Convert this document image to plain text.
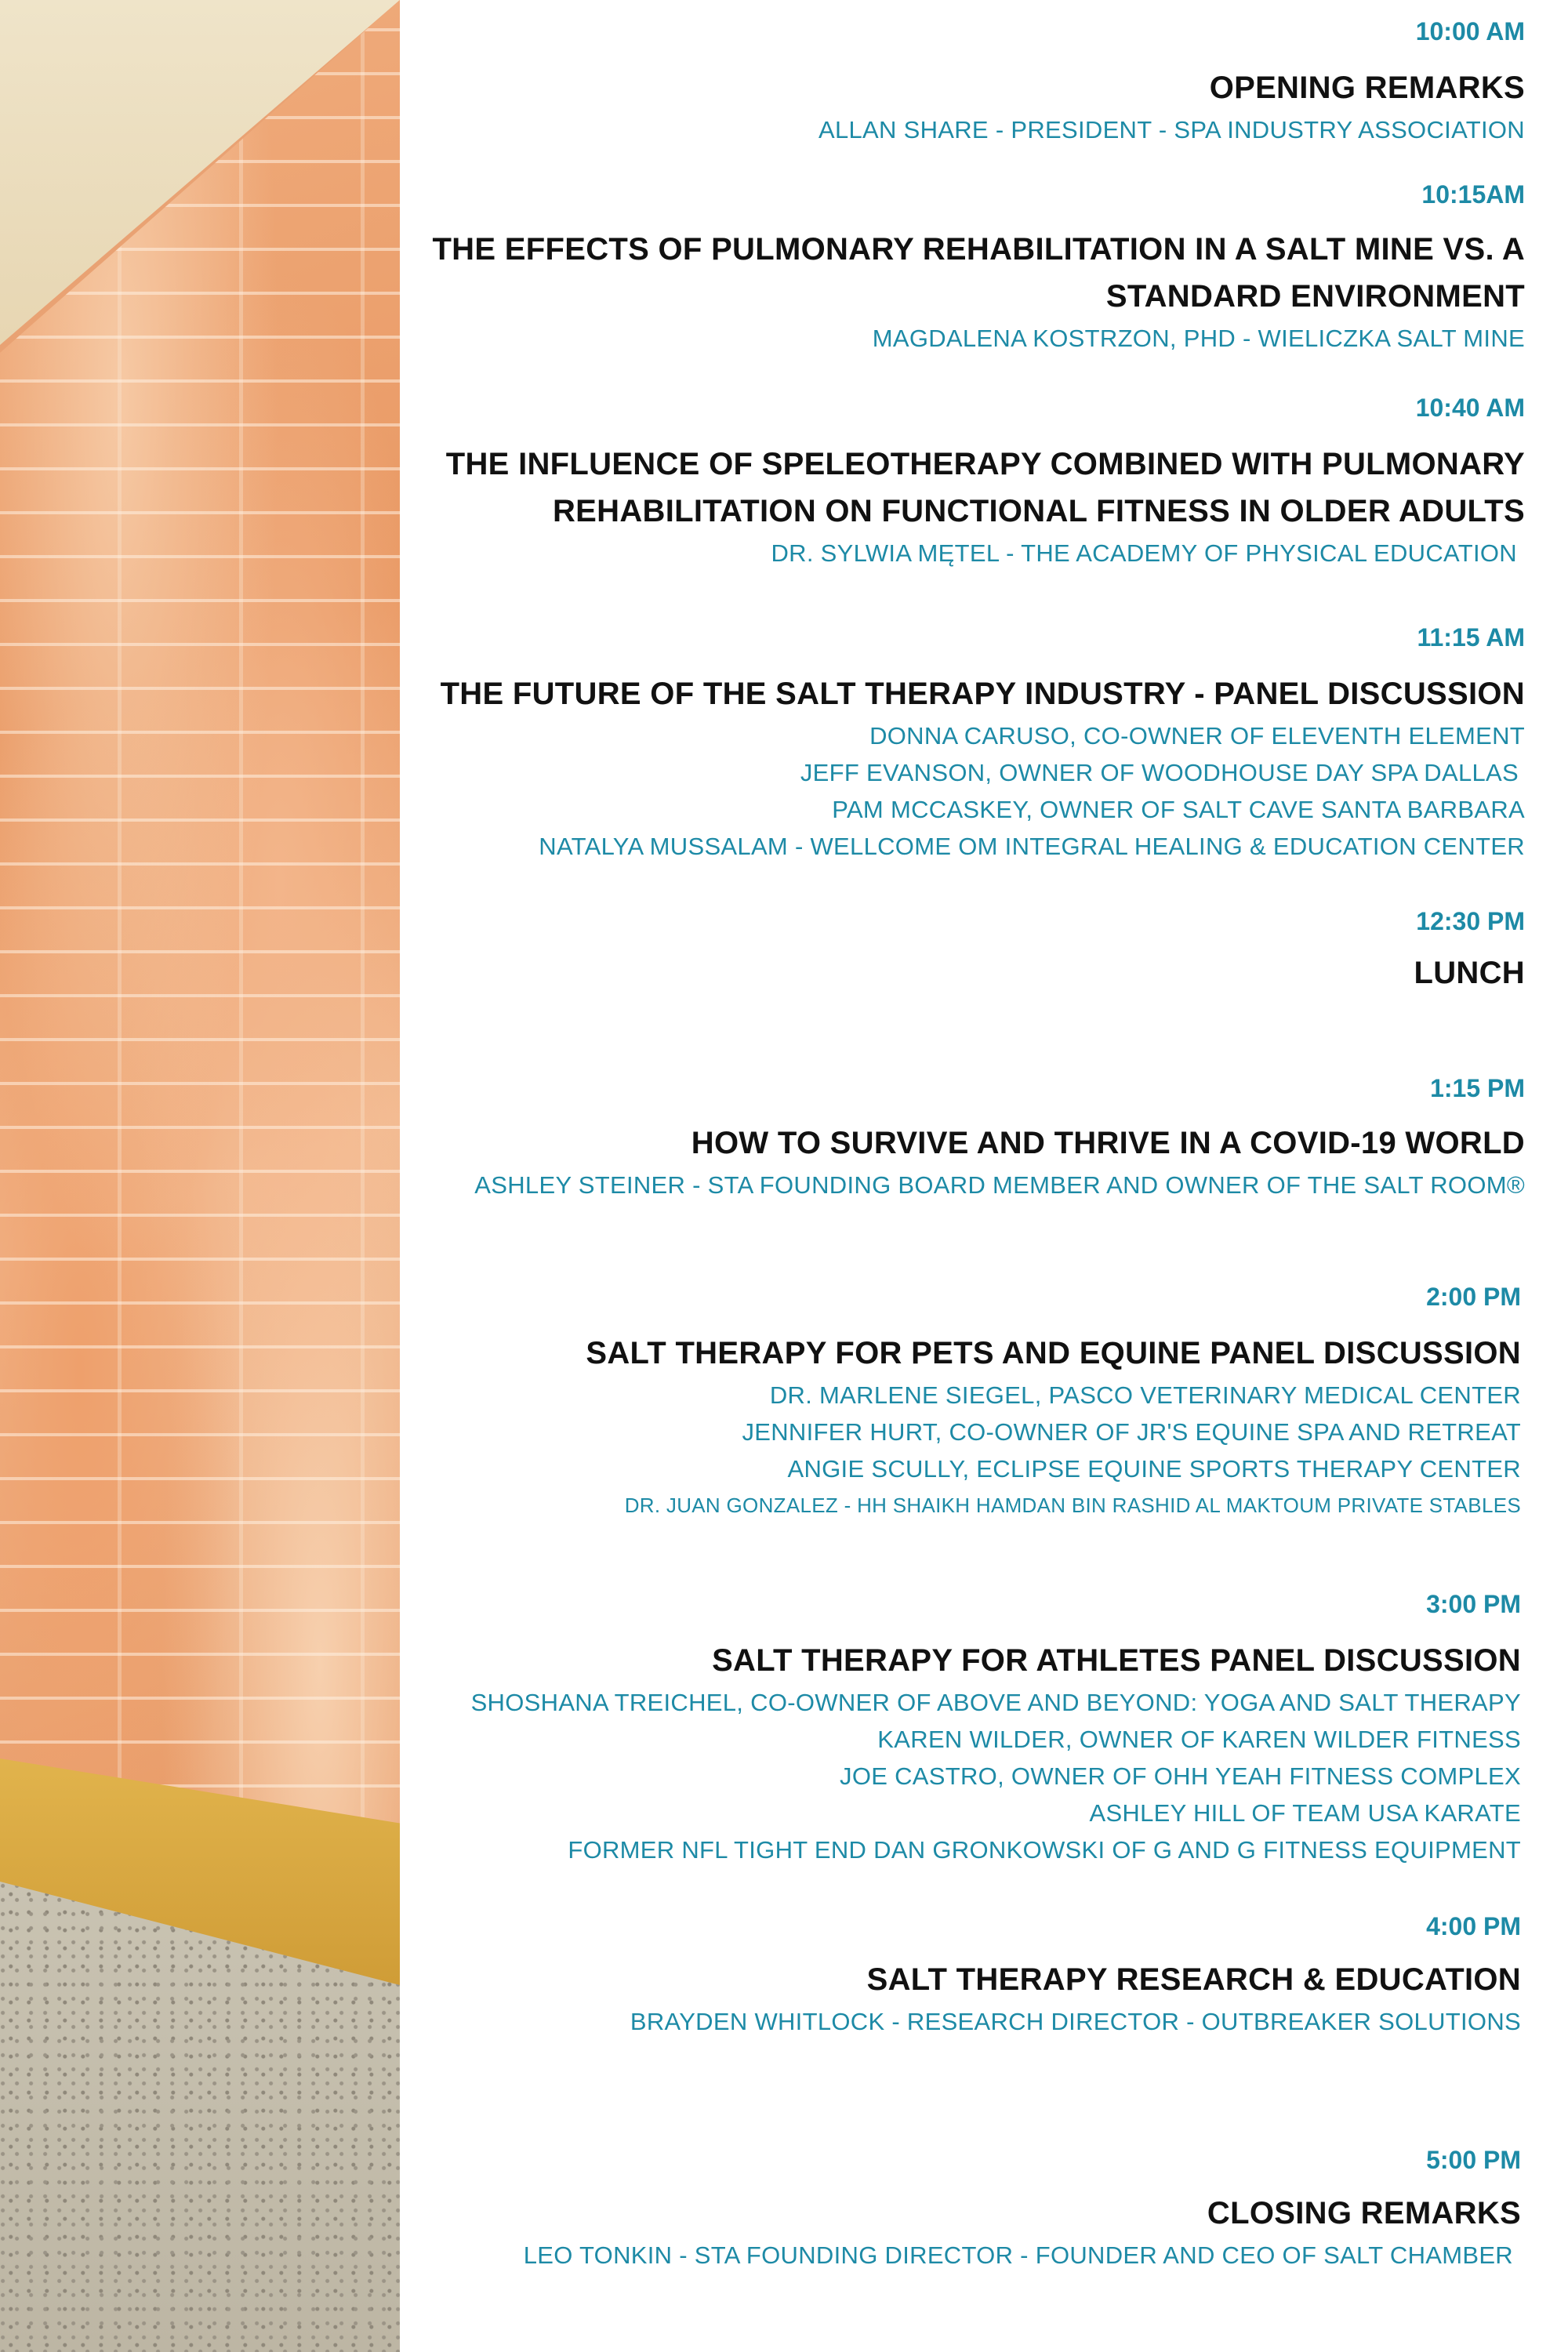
10:00 AM
OPENING REMARKS
ALLAN SHARE - PRESIDENT - SPA INDUSTRY ASSOCIATION
10:15AM
THE EFFECTS OF PULMONARY REHABILITATION IN A SALT MINE VS. A
STANDARD ENVIRONMENT
MAGDALENA KOSTRZON, PHD - WIELICZKA SALT MINE
10:40 AM
THE INFLUENCE OF SPELEOTHERAPY COMBINED WITH PULMONARY
REHABILITATION ON FUNCTIONAL FITNESS IN OLDER ADULTS
DR. SYLWIA MĘTEL - THE ACADEMY OF PHYSICAL EDUCATION
11:15 AM
THE FUTURE OF THE SALT THERAPY INDUSTRY - PANEL DISCUSSION
DONNA CARUSO, CO-OWNER OF ELEVENTH ELEMENT
JEFF EVANSON, OWNER OF WOODHOUSE DAY SPA DALLAS
PAM MCCASKEY, OWNER OF SALT CAVE SANTA BARBARA
NATALYA MUSSALAM - WELLCOME OM INTEGRAL HEALING & EDUCATION CENTER
12:30 PM
LUNCH
1:15 PM
HOW TO SURVIVE AND THRIVE IN A COVID-19 WORLD
ASHLEY STEINER - STA FOUNDING BOARD MEMBER AND OWNER OF THE SALT ROOM®
2:00 PM
SALT THERAPY FOR PETS AND EQUINE PANEL DISCUSSION
DR. MARLENE SIEGEL, PASCO VETERINARY MEDICAL CENTER
JENNIFER HURT, CO-OWNER OF JR'S EQUINE SPA AND RETREAT
ANGIE SCULLY, ECLIPSE EQUINE SPORTS THERAPY CENTER
DR. JUAN GONZALEZ - HH SHAIKH HAMDAN BIN RASHID AL MAKTOUM PRIVATE STABLES
3:00 PM
SALT THERAPY FOR ATHLETES PANEL DISCUSSION
SHOSHANA TREICHEL, CO-OWNER OF ABOVE AND BEYOND: YOGA AND SALT THERAPY
KAREN WILDER, OWNER OF KAREN WILDER FITNESS
JOE CASTRO, OWNER OF OHH YEAH FITNESS COMPLEX
ASHLEY HILL OF TEAM USA KARATE
FORMER NFL TIGHT END DAN GRONKOWSKI OF G AND G FITNESS EQUIPMENT
4:00 PM
SALT THERAPY RESEARCH & EDUCATION
BRAYDEN WHITLOCK - RESEARCH DIRECTOR - OUTBREAKER SOLUTIONS
5:00 PM
CLOSING REMARKS
LEO TONKIN - STA FOUNDING DIRECTOR - FOUNDER AND CEO OF SALT CHAMBER
